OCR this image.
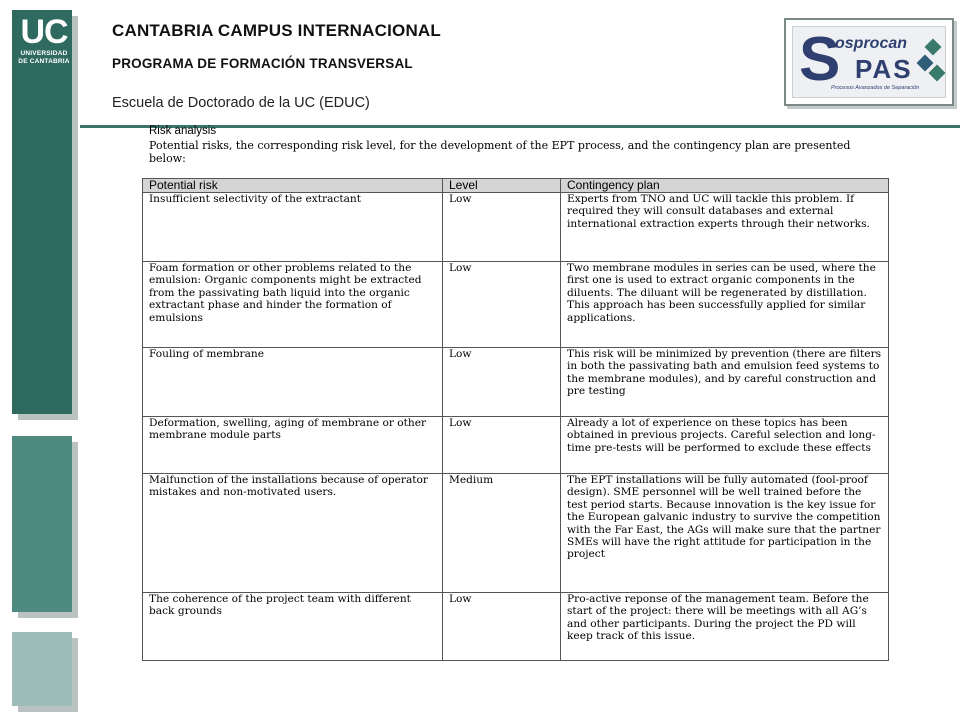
UC
UNIVERSIDAD
DE CANTABRIA
CANTABRIA CAMPUS INTERNACIONAL
PROGRAMA DE FORMACIÓN TRANSVERSAL
Escuela de Doctorado de la UC (EDUC)
S
osprocan
PAS
Procesos Avanzados de Separación
Risk analysis
Potential risks, the corresponding risk level, for the development of the EPT process, and the contingency plan are presented below:
Potential risk	Level	Contingency plan
Insufficient selectivity of the extractant	Low	Experts from TNO and UC will tackle this problem. If required they will consult databases and external international extraction experts through their networks.
Foam formation or other problems related to the emulsion: Organic components might be extracted from the passivating bath liquid into the organic extractant phase and hinder the formation of emulsions	Low	Two membrane modules in series can be used, where the first one is used to extract organic components in the diluents. The diluant will be regenerated by distillation. This approach has been successfully applied for similar applications.
Fouling of membrane	Low	This risk will be minimized by prevention (there are filters in both the passivating bath and emulsion feed systems to the membrane modules), and by careful construction and pre testing
Deformation, swelling, aging of membrane or other membrane module parts	Low	Already a lot of experience on these topics has been obtained in previous projects. Careful selection and long-time pre-tests will be performed to exclude these effects
Malfunction of the installations because of operator mistakes and non-motivated users.	Medium	The EPT installations will be fully automated (fool-proof design). SME personnel will be well trained before the test period starts. Because innovation is the key issue for the European galvanic industry to survive the competition with the Far East, the AGs will make sure that the partner SMEs will have the right attitude for participation in the project
The coherence of the project team with different back grounds	Low	Pro-active reponse of the management team. Before the start of the project: there will be meetings with all AG’s and other participants. During the project the PD will keep track of this issue.
